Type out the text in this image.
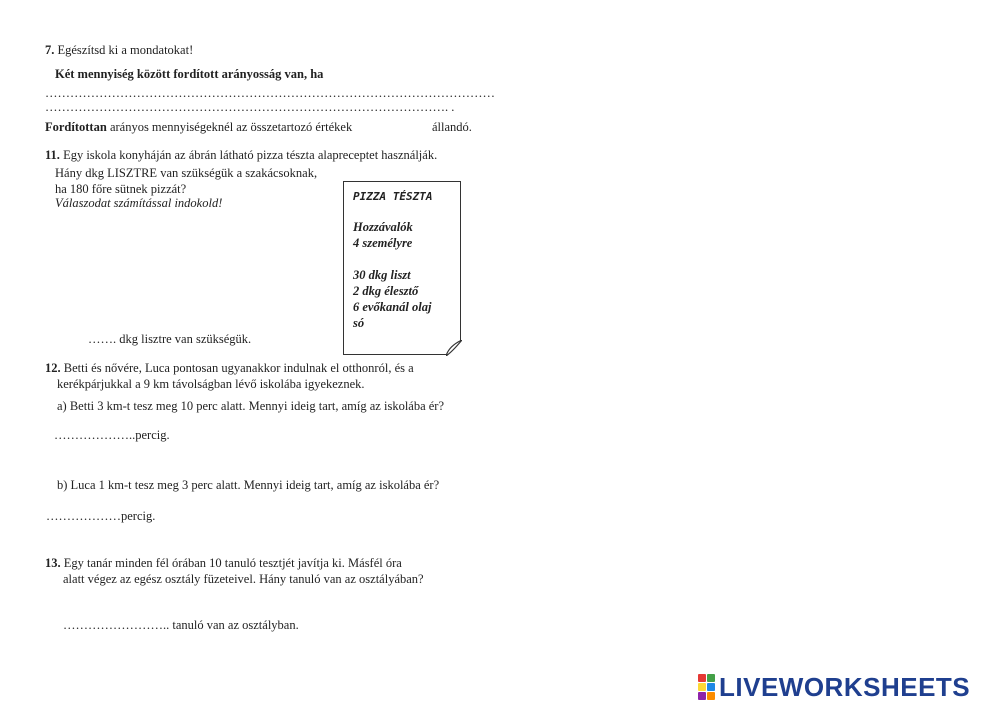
7. Egészítsd ki a mondatokat!
Két mennyiség között fordított arányosság van, ha
………………………………………………………………………………………………
……………………………………………………………………………………. .
Fordítottan arányos mennyiségeknél az összetartozó értékek	állandó.
11. Egy iskola konyháján az ábrán látható pizza tészta alapreceptet használják.
Hány dkg LISZTRE van szükségük a szakácsoknak,
ha 180 főre sütnek pizzát?
Válaszodat számítással indokold!
……. dkg lisztre van szükségük.
PIZZA TÉSZTA
Hozzávalók
4 személyre
30 dkg liszt
2 dkg élesztő
6 evőkanál olaj
só
12. Betti és nővére, Luca pontosan ugyanakkor indulnak el otthonról, és a
kerékpárjukkal a 9 km távolságban lévő iskolába igyekeznek.
a) Betti 3 km-t tesz meg 10 perc alatt. Mennyi ideig tart, amíg az iskolába ér?
………………..percig.
b) Luca 1 km-t tesz meg 3 perc alatt. Mennyi ideig tart, amíg az iskolába ér?
………………percig.
13. Egy tanár minden fél órában 10 tanuló tesztjét javítja ki. Másfél óra
alatt végez az egész osztály füzeteivel. Hány tanuló van az osztályában?
…………………….. tanuló van az osztályban.
LIVEWORKSHEETS
